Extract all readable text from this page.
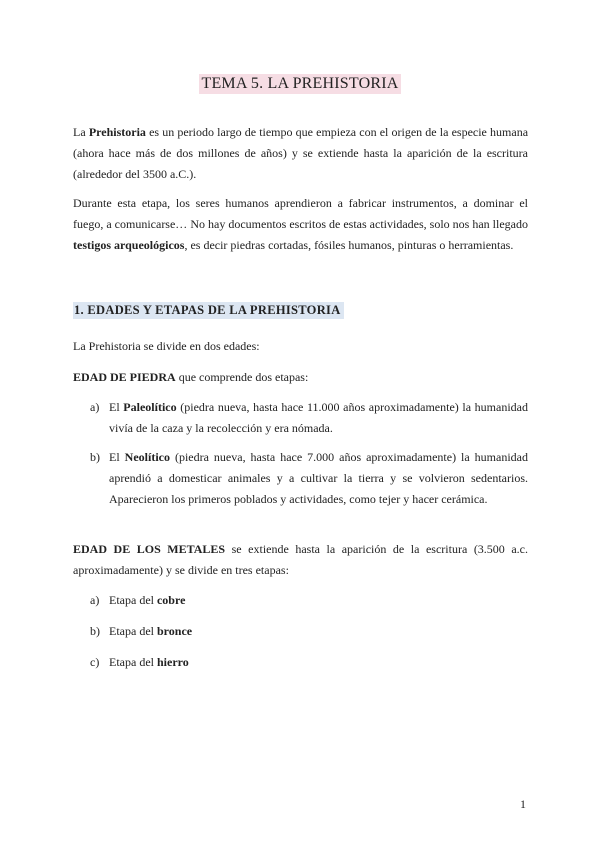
TEMA 5. LA PREHISTORIA

La Prehistoria es un periodo largo de tiempo que empieza con el origen de la especie humana (ahora hace más de dos millones de años) y se extiende hasta la aparición de la escritura (alrededor del 3500 a.C.).

Durante esta etapa, los seres humanos aprendieron a fabricar instrumentos, a dominar el fuego, a comunicarse… No hay documentos escritos de estas actividades, solo nos han llegado testigos arqueológicos, es decir piedras cortadas, fósiles humanos, pinturas o herramientas.

1. EDADES Y ETAPAS DE LA PREHISTORIA

La Prehistoria se divide en dos edades:

EDAD DE PIEDRA que comprende dos etapas:

a) El Paleolítico (piedra nueva, hasta hace 11.000 años aproximadamente) la humanidad vivía de la caza y la recolección y era nómada.
b) El Neolítico (piedra nueva, hasta hace 7.000 años aproximadamente) la humanidad aprendió a domesticar animales y a cultivar la tierra y se volvieron sedentarios. Aparecieron los primeros poblados y actividades, como tejer y hacer cerámica.

EDAD DE LOS METALES se extiende hasta la aparición de la escritura (3.500 a.c. aproximadamente) y se divide en tres etapas:

a) Etapa del cobre
b) Etapa del bronce
c) Etapa del hierro
1
